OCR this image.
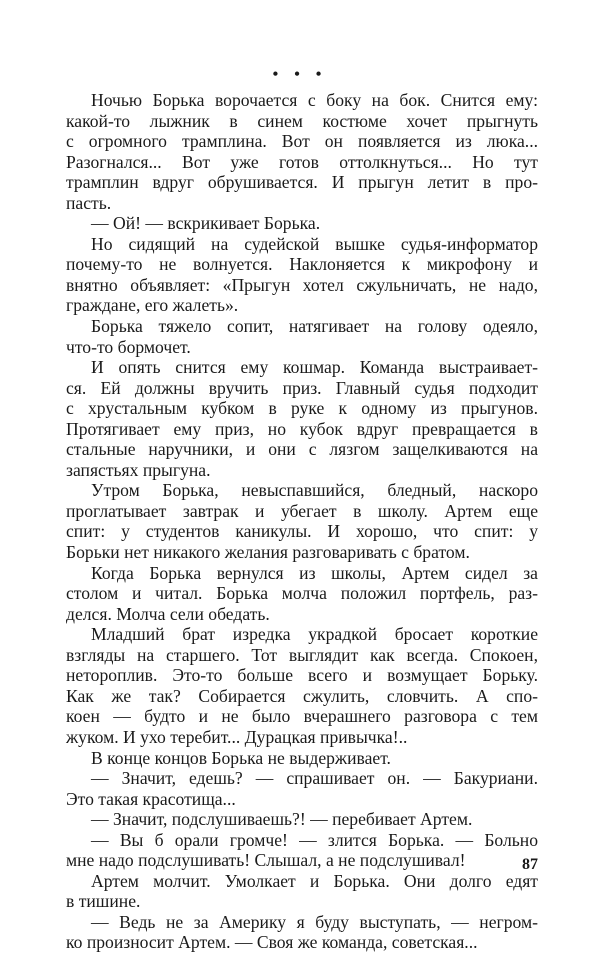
• • •
Ночью Борька ворочается с боку на бок. Снится ему:
какой-то лыжник в синем костюме хочет прыгнуть
с огромного трамплина. Вот он появляется из люка...
Разогнался... Вот уже готов оттолкнуться... Но тут
трамплин вдруг обрушивается. И прыгун летит в про-
пасть.
— Ой! — вскрикивает Борька.
Но сидящий на судейской вышке судья-информатор
почему-то не волнуется. Наклоняется к микрофону и
внятно объявляет: «Прыгун хотел сжульничать, не надо,
граждане, его жалеть».
Борька тяжело сопит, натягивает на голову одеяло,
что-то бормочет.
И опять снится ему кошмар. Команда выстраивает-
ся. Ей должны вручить приз. Главный судья подходит
с хрустальным кубком в руке к одному из прыгунов.
Протягивает ему приз, но кубок вдруг превращается в
стальные наручники, и они с лязгом защелкиваются на
запястьях прыгуна.
Утром Борька, невыспавшийся, бледный, наскоро
проглатывает завтрак и убегает в школу. Артем еще
спит: у студентов каникулы. И хорошо, что спит: у
Борьки нет никакого желания разговаривать с братом.
Когда Борька вернулся из школы, Артем сидел за
столом и читал. Борька молча положил портфель, раз-
делся. Молча сели обедать.
Младший брат изредка украдкой бросает короткие
взгляды на старшего. Тот выглядит как всегда. Спокоен,
нетороплив. Это-то больше всего и возмущает Борьку.
Как же так? Собирается сжулить, словчить. А спо-
коен — будто и не было вчерашнего разговора с тем
жуком. И ухо теребит... Дурацкая привычка!..
В конце концов Борька не выдерживает.
— Значит, едешь? — спрашивает он. — Бакуриани.
Это такая красотища...
— Значит, подслушиваешь?! — перебивает Артем.
— Вы б орали громче! — злится Борька. — Больно
мне надо подслушивать! Слышал, а не подслушивал!
Артем молчит. Умолкает и Борька. Они долго едят
в тишине.
— Ведь не за Америку я буду выступать, — негром-
ко произносит Артем. — Своя же команда, советская...
87
